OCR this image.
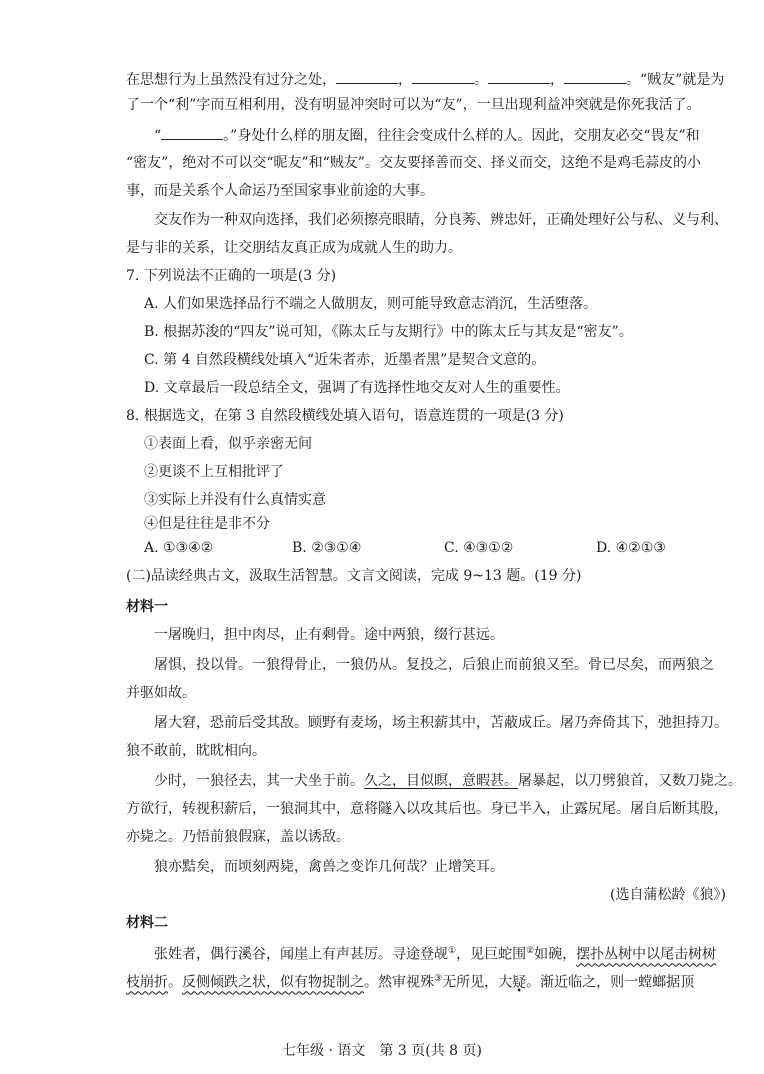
在思想行为上虽然没有过分之处，	，	。	，	。“贼友”就是为
了一个“利”字而互相利用，没有明显冲突时可以为“友”，一旦出现利益冲突就是你死我活了。
“	。”身处什么样的朋友圈，往往会变成什么样的人。因此，交朋友必交“畏友”和
“密友”，绝对不可以交“昵友”和“贼友”。交友要择善而交、择义而交，这绝不是鸡毛蒜皮的小
事，而是关系个人命运乃至国家事业前途的大事。
交友作为一种双向选择，我们必须擦亮眼睛，分良莠、辨忠奸，正确处理好公与私、义与利、
是与非的关系，让交朋结友真正成为成就人生的助力。
7. 下列说法不正确的一项是(3 分)
A. 人们如果选择品行不端之人做朋友，则可能导致意志消沉，生活堕落。
B. 根据苏浚的“四友”说可知，《陈太丘与友期行》中的陈太丘与其友是“密友”。
C. 第 4 自然段横线处填入“近朱者赤，近墨者黑”是契合文意的。
D. 文章最后一段总结全文，强调了有选择性地交友对人生的重要性。
8. 根据选文，在第 3 自然段横线处填入语句，语意连贯的一项是(3 分)
①表面上看，似乎亲密无间
②更谈不上互相批评了
③实际上并没有什么真情实意
④但是往往是非不分
A. ①③④②	B. ②③①④	C. ④③①②	D. ④②①③
(二)品读经典古文，汲取生活智慧。文言文阅读，完成 9~13 题。(19 分)
材料一
一屠晚归，担中肉尽，止有剩骨。途中两狼，缀行甚远。
屠惧，投以骨。一狼得骨止，一狼仍从。复投之，后狼止而前狼又至。骨已尽矣，而两狼之
并驱如故。
屠大窘，恐前后受其敌。顾野有麦场，场主积薪其中，苫蔽成丘。屠乃奔倚其下，弛担持刀。
狼不敢前，眈眈相向。
少时，一狼径去，其一犬坐于前。久之，目似瞑，意暇甚。屠暴起，以刀劈狼首，又数刀毙之。
方欲行，转视积薪后，一狼洞其中，意将隧入以攻其后也。身已半入，止露尻尾。屠自后断其股，
亦毙之。乃悟前狼假寐，盖以诱敌。
狼亦黠矣，而顷刻两毙，禽兽之变诈几何哉？止增笑耳。
(选自蒲松龄《狼》)
材料二
张姓者，偶行溪谷，闻崖上有声甚厉。寻途登觇①，见巨蛇围②如碗，摆扑丛树中以尾击树树
枝崩折。反侧倾跌之状，似有物捉制之。然审视殊③无所见，大疑。渐近临之，则一螳螂据顶
七年级 · 语文　第 3 页(共 8 页)
